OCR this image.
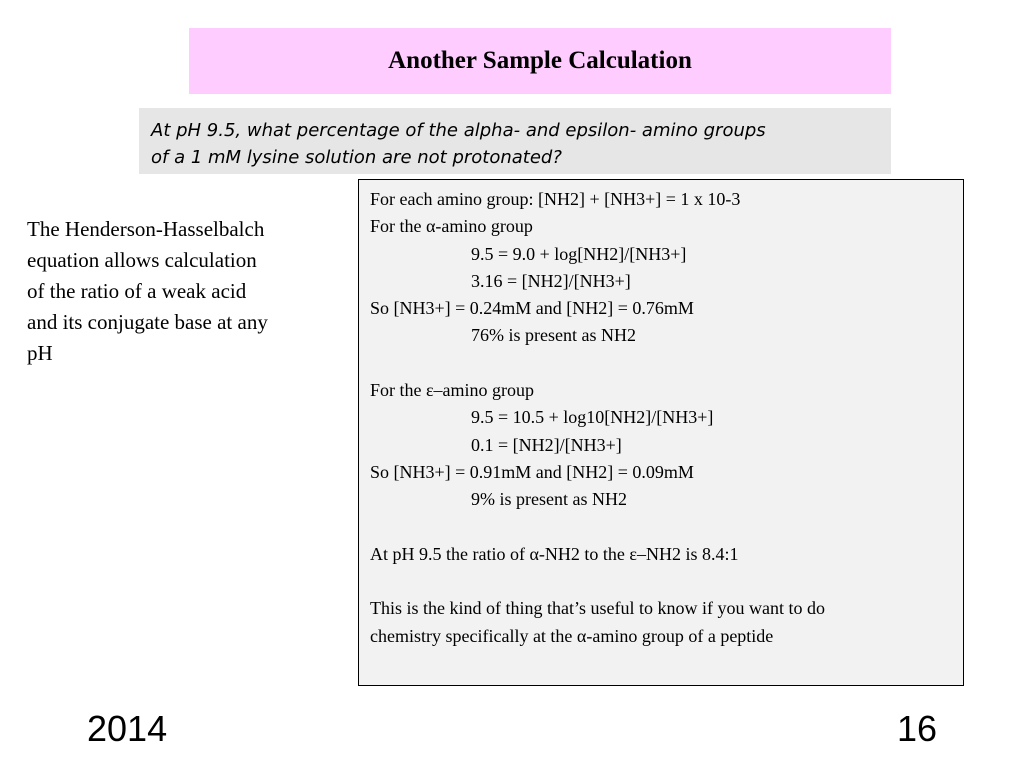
Another Sample Calculation
At pH 9.5, what percentage of the alpha- and epsilon- amino groups
of a 1 mM lysine solution are not protonated?
The Henderson-Hasselbalch
equation allows calculation
of the ratio of a weak acid
and its conjugate base at any
pH
For each amino group: [NH2] + [NH3+] = 1 x 10-3
For the α-amino group
9.5 = 9.0 + log[NH2]/[NH3+]
3.16 = [NH2]/[NH3+]
So [NH3+] = 0.24mM and [NH2] = 0.76mM
76% is present as NH2
For the ε–amino group
9.5 = 10.5 + log10[NH2]/[NH3+]
0.1 = [NH2]/[NH3+]
So [NH3+] = 0.91mM and [NH2] = 0.09mM
9% is present as NH2
At pH 9.5 the ratio of α-NH2 to the ε–NH2 is 8.4:1
This is the kind of thing that’s useful to know if you want to do
chemistry specifically at the α-amino group of a peptide
2014	16
